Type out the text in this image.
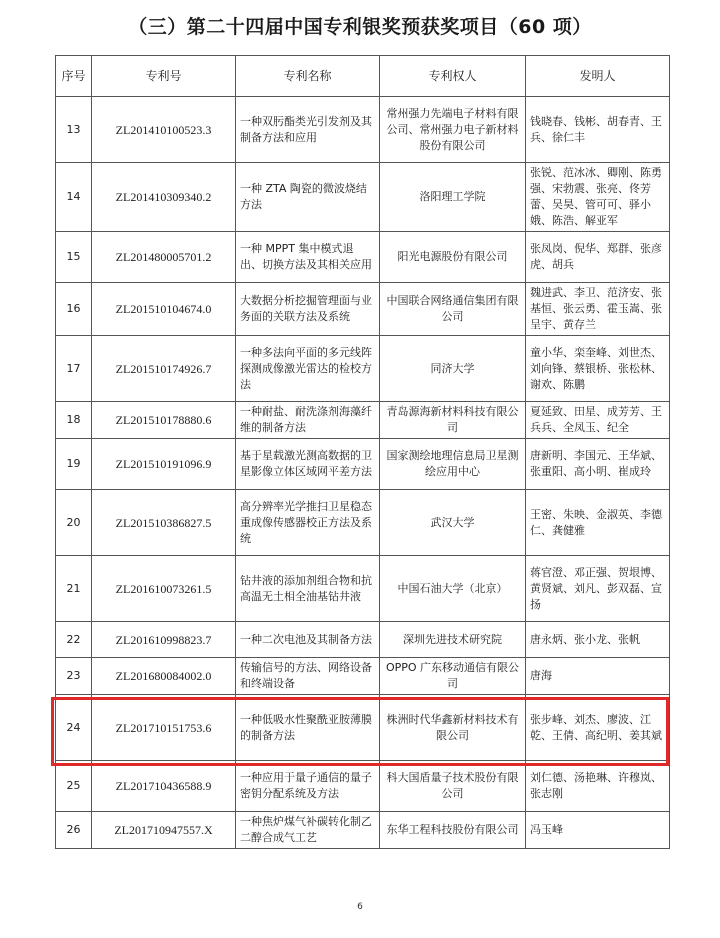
（三）第二十四届中国专利银奖预获奖项目（60 项）
序号	专利号	专利名称	专利权人	发明人
13	ZL201410100523.3	一种双肟酯类光引发剂及其制备方法和应用	常州强力先端电子材料有限公司、常州强力电子新材料股份有限公司	钱晓春、钱彬、胡春青、王兵、徐仁丰
14	ZL201410309340.2	一种 ZTA 陶瓷的微波烧结方法	洛阳理工学院	张锐、范冰冰、卿刚、陈勇强、宋勃震、张亮、佟芳蕾、吴昊、管可可、驿小娥、陈浩、解亚军
15	ZL201480005701.2	一种 MPPT 集中模式退出、切换方法及其相关应用	阳光电源股份有限公司	张凤岗、倪华、郑群、张彦虎、胡兵
16	ZL201510104674.0	大数据分析挖掘管理面与业务面的关联方法及系统	中国联合网络通信集团有限公司	魏进武、李卫、范济安、张基恒、张云勇、霍玉嵩、张呈宇、黄存兰
17	ZL201510174926.7	一种多法向平面的多元线阵探测成像激光雷达的检校方法	同济大学	童小华、栾奎峰、刘世杰、刘向锋、蔡银桥、张松林、谢欢、陈鹏
18	ZL201510178880.6	一种耐盐、耐洗涤剂海藻纤维的制备方法	青岛源海新材料科技有限公司	夏延致、田星、成芳芳、王兵兵、全凤玉、纪全
19	ZL201510191096.9	基于星载激光测高数据的卫星影像立体区域网平差方法	国家测绘地理信息局卫星测绘应用中心	唐新明、李国元、王华斌、张重阳、高小明、崔成玲
20	ZL201510386827.5	高分辨率光学推扫卫星稳态重成像传感器校正方法及系统	武汉大学	王密、朱映、金淑英、李德仁、龚健雅
21	ZL201610073261.5	钻井液的添加剂组合物和抗高温无土相全油基钻井液	中国石油大学（北京）	蒋官澄、邓正强、贺垠博、黄贤斌、刘凡、彭双磊、宣扬
22	ZL201610998823.7	一种二次电池及其制备方法	深圳先进技术研究院	唐永炳、张小龙、张帆
23	ZL201680084002.0	传输信号的方法、网络设备和终端设备	OPPO 广东移动通信有限公司	唐海
24	ZL201710151753.6	一种低吸水性聚酰亚胺薄膜的制备方法	株洲时代华鑫新材料技术有限公司	张步峰、刘杰、廖波、江乾、王倩、高纪明、姜其斌
25	ZL201710436588.9	一种应用于量子通信的量子密钥分配系统及方法	科大国盾量子技术股份有限公司	刘仁德、汤艳琳、许穆岚、张志刚
26	ZL201710947557.X	一种焦炉煤气补碳转化制乙二醇合成气工艺	东华工程科技股份有限公司	冯玉峰
6
